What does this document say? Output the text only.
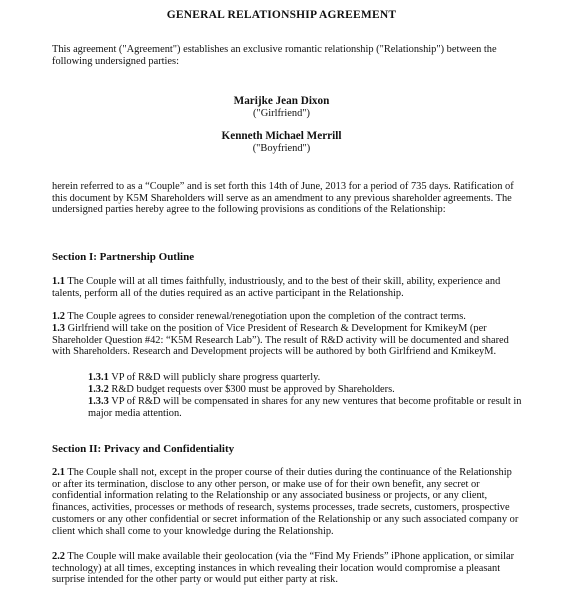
GENERAL RELATIONSHIP AGREEMENT

This agreement ("Agreement") establishes an exclusive romantic relationship ("Relationship") between the following undersigned parties:

Marijke Jean Dixon
("Girlfriend")
Kenneth Michael Merrill
("Boyfriend")

herein referred to as a “Couple” and is set forth this 14th of June, 2013 for a period of 735 days. Ratification of this document by K5M Shareholders will serve as an amendment to any previous shareholder agreements. The undersigned parties hereby agree to the following provisions as conditions of the Relationship:

Section I: Partnership Outline

1.1 The Couple will at all times faithfully, industriously, and to the best of their skill, ability, experience and talents, perform all of the duties required as an active participant in the Relationship.

1.2 The Couple agrees to consider renewal/renegotiation upon the completion of the contract terms.

1.3 Girlfriend will take on the position of Vice President of Research & Development for KmikeyM (per Shareholder Question #42: “K5M Research Lab”). The result of R&D activity will be documented and shared with Shareholders. Research and Development projects will be authored by both Girlfriend and KmikeyM.

1.3.1 VP of R&D will publicly share progress quarterly.

1.3.2 R&D budget requests over $300 must be approved by Shareholders.

1.3.3 VP of R&D will be compensated in shares for any new ventures that become profitable or result in major media attention.

Section II: Privacy and Confidentiality

2.1 The Couple shall not, except in the proper course of their duties during the continuance of the Relationship or after its termination, disclose to any other person, or make use of for their own benefit, any secret or confidential information relating to the Relationship or any associated business or projects, or any client, finances, activities, processes or methods of research, systems processes, trade secrets, customers, prospective customers or any other confidential or secret information of the Relationship or any such associated company or client which shall come to your knowledge during the Relationship.

2.2 The Couple will make available their geolocation (via the “Find My Friends” iPhone application, or similar technology) at all times, excepting instances in which revealing their location would compromise a pleasant surprise intended for the other party or would put either party at risk.
